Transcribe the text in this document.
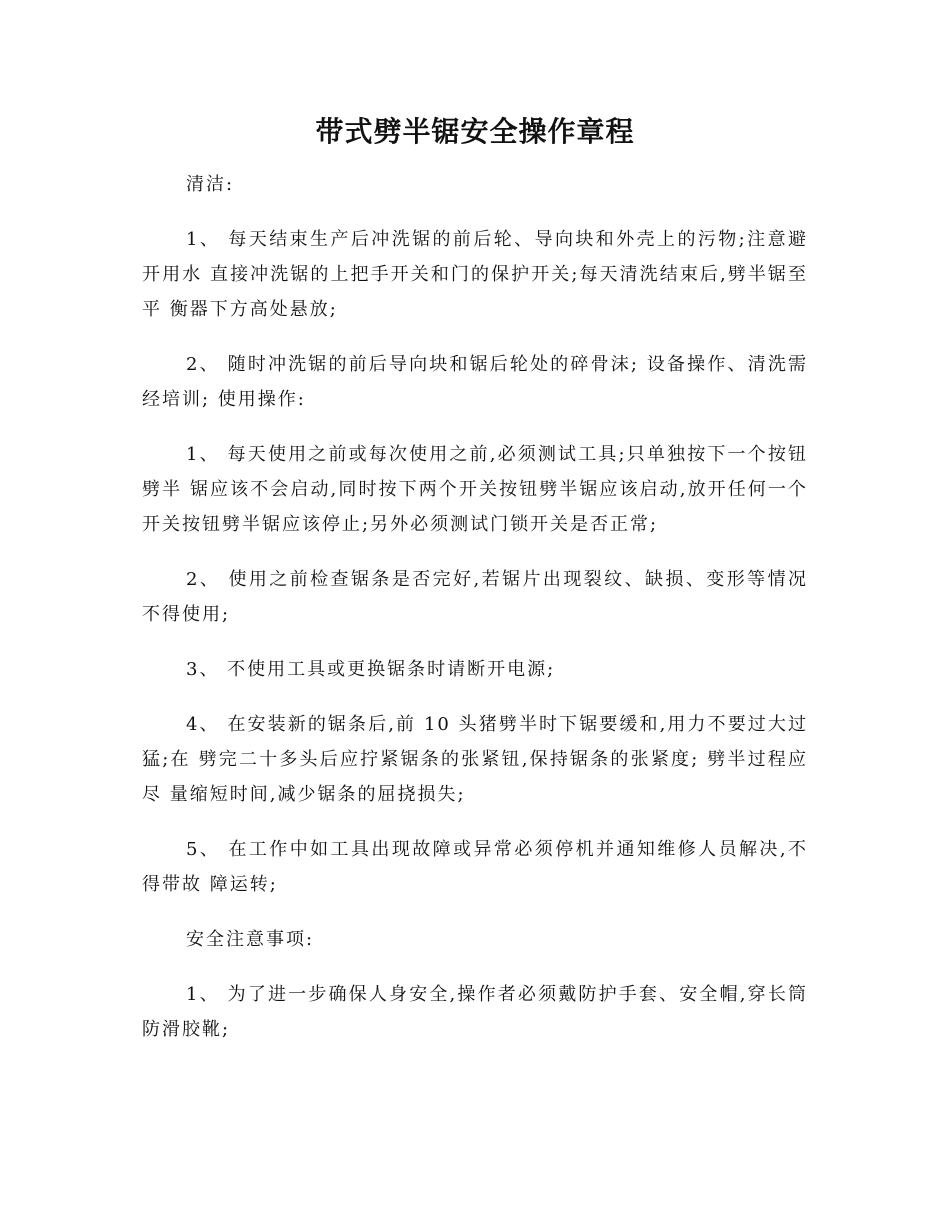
带式劈半锯安全操作章程

清洁:

1、 每天结束生产后冲洗锯的前后轮、导向块和外壳上的污物;注意避开用水 直接冲洗锯的上把手开关和门的保护开关;每天清洗结束后,劈半锯至平 衡器下方高处悬放;

2、 随时冲洗锯的前后导向块和锯后轮处的碎骨沫; 设备操作、清洗需经培训; 使用操作:

1、 每天使用之前或每次使用之前,必须测试工具;只单独按下一个按钮劈半 锯应该不会启动,同时按下两个开关按钮劈半锯应该启动,放开任何一个 开关按钮劈半锯应该停止;另外必须测试门锁开关是否正常;

2、 使用之前检查锯条是否完好,若锯片出现裂纹、缺损、变形等情况不得使用;

3、 不使用工具或更换锯条时请断开电源;

4、 在安装新的锯条后,前 10 头猪劈半时下锯要缓和,用力不要过大过猛;在 劈完二十多头后应拧紧锯条的张紧钮,保持锯条的张紧度; 劈半过程应尽 量缩短时间,减少锯条的屈挠损失;

5、 在工作中如工具出现故障或异常必须停机并通知维修人员解决,不得带故 障运转;

安全注意事项:

1、 为了进一步确保人身安全,操作者必须戴防护手套、安全帽,穿长筒防滑胶靴;
